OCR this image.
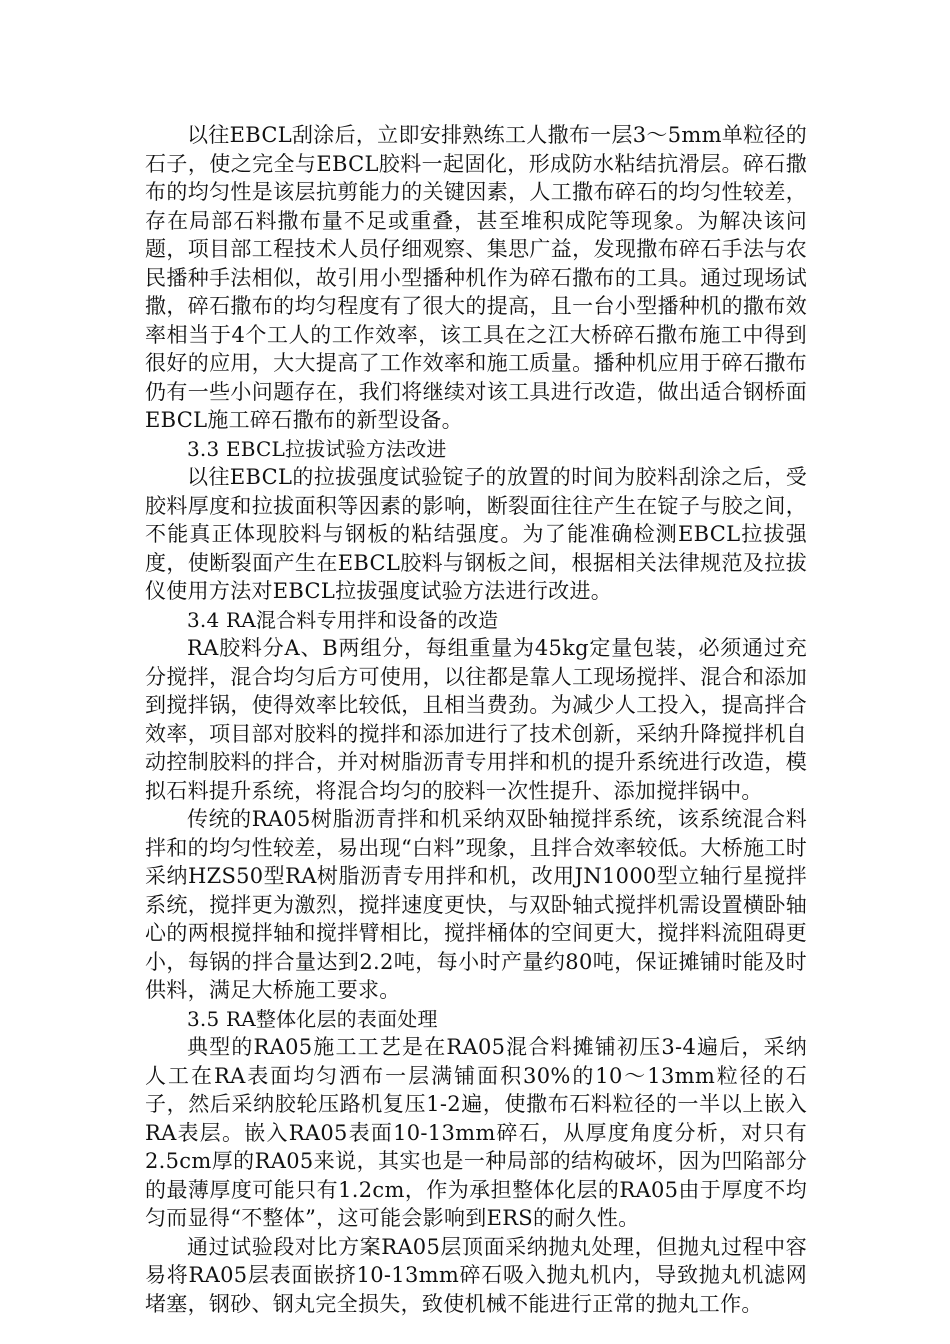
以往EBCL刮涂后，立即安排熟练工人撒布一层3～5mm单粒径的石子，使之完全与EBCL胶料一起固化，形成防水粘结抗滑层。碎石撒布的均匀性是该层抗剪能力的关键因素，人工撒布碎石的均匀性较差，存在局部石料撒布量不足或重叠，甚至堆积成陀等现象。为解决该问题，项目部工程技术人员仔细观察、集思广益，发现撒布碎石手法与农民播种手法相似，故引用小型播种机作为碎石撒布的工具。通过现场试撒，碎石撒布的均匀程度有了很大的提高，且一台小型播种机的撒布效率相当于4个工人的工作效率，该工具在之江大桥碎石撒布施工中得到很好的应用，大大提高了工作效率和施工质量。播种机应用于碎石撒布仍有一些小问题存在，我们将继续对该工具进行改造，做出适合钢桥面EBCL施工碎石撒布的新型设备。

3.3 EBCL拉拔试验方法改进

以往EBCL的拉拔强度试验锭子的放置的时间为胶料刮涂之后，受胶料厚度和拉拔面积等因素的影响，断裂面往往产生在锭子与胶之间，不能真正体现胶料与钢板的粘结强度。为了能准确检测EBCL拉拔强度，使断裂面产生在EBCL胶料与钢板之间，根据相关法律规范及拉拔仪使用方法对EBCL拉拔强度试验方法进行改进。

3.4 RA混合料专用拌和设备的改造

RA胶料分A、B两组分，每组重量为45kg定量包装，必须通过充分搅拌，混合均匀后方可使用，以往都是靠人工现场搅拌、混合和添加到搅拌锅，使得效率比较低，且相当费劲。为减少人工投入，提高拌合效率，项目部对胶料的搅拌和添加进行了技术创新，采纳升降搅拌机自动控制胶料的拌合，并对树脂沥青专用拌和机的提升系统进行改造，模拟石料提升系统，将混合均匀的胶料一次性提升、添加搅拌锅中。

传统的RA05树脂沥青拌和机采纳双卧轴搅拌系统，该系统混合料拌和的均匀性较差，易出现“白料”现象，且拌合效率较低。大桥施工时采纳HZS50型RA树脂沥青专用拌和机，改用JN1000型立轴行星搅拌系统，搅拌更为激烈，搅拌速度更快，与双卧轴式搅拌机需设置横卧轴心的两根搅拌轴和搅拌臂相比，搅拌桶体的空间更大，搅拌料流阻碍更小，每锅的拌合量达到2.2吨，每小时产量约80吨，保证摊铺时能及时供料，满足大桥施工要求。

3.5 RA整体化层的表面处理

典型的RA05施工工艺是在RA05混合料摊铺初压3-4遍后，采纳人工在RA表面均匀洒布一层满铺面积30%的10～13mm粒径的石子，然后采纳胶轮压路机复压1-2遍，使撒布石料粒径的一半以上嵌入RA表层。嵌入RA05表面10-13mm碎石，从厚度角度分析，对只有2.5cm厚的RA05来说，其实也是一种局部的结构破坏，因为凹陷部分的最薄厚度可能只有1.2cm，作为承担整体化层的RA05由于厚度不均匀而显得“不整体”，这可能会影响到ERS的耐久性。

通过试验段对比方案RA05层顶面采纳抛丸处理，但抛丸过程中容易将RA05层表面嵌挤10-13mm碎石吸入抛丸机内，导致抛丸机滤网堵塞，钢砂、钢丸完全损失，致使机械不能进行正常的抛丸工作。
